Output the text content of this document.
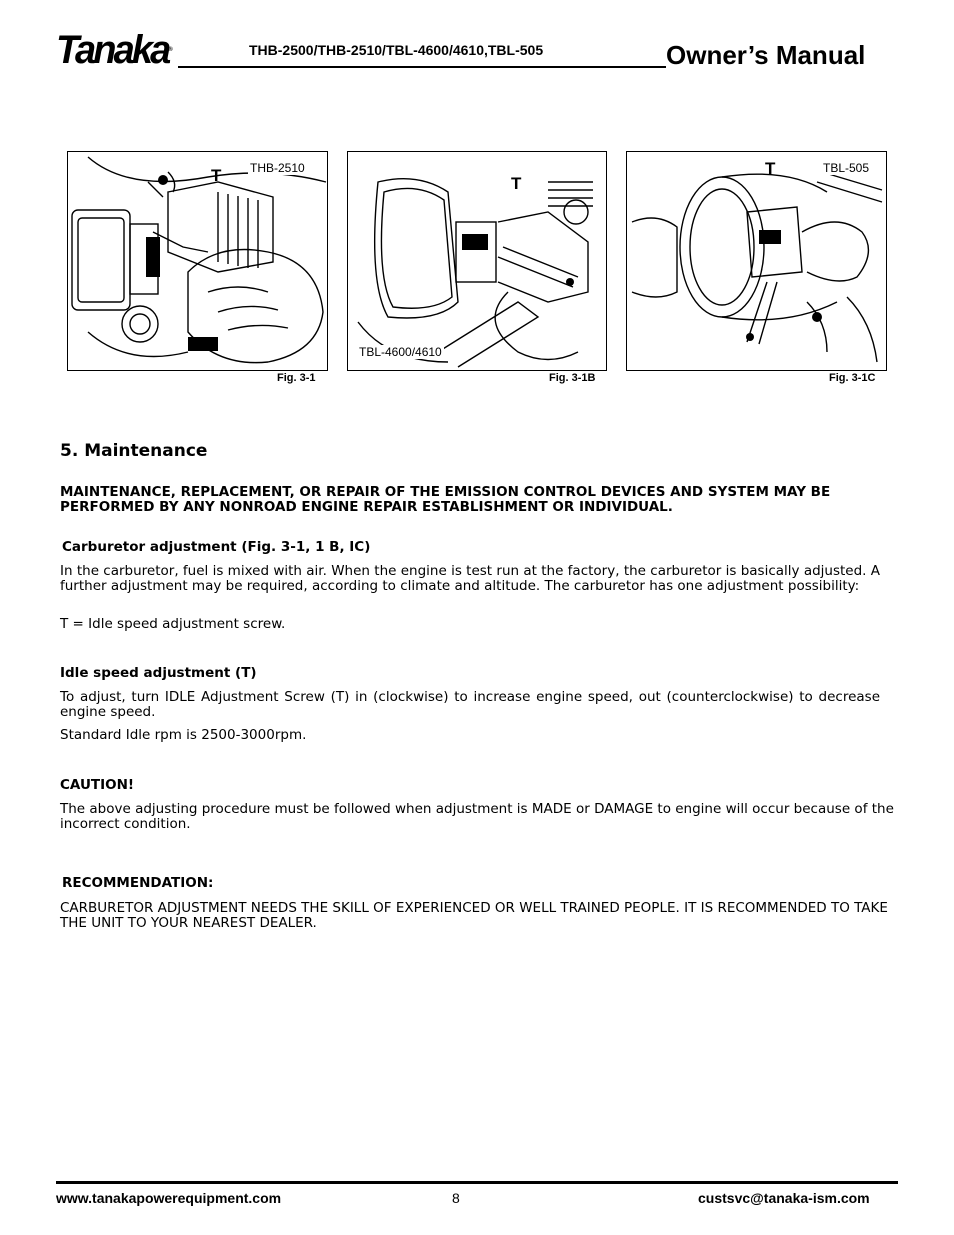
Tanaka®	THB-2500/THB-2510/TBL-4600/4610,TBL-505	Owner’s Manual
T THB-2510
Fig. 3-1
T
TBL-4600/4610
Fig. 3-1B
T	TBL-505
Fig. 3-1C
5. Maintenance
MAINTENANCE, REPLACEMENT, OR REPAIR OF THE EMISSION CONTROL DEVICES AND SYSTEM MAY BE PERFORMED BY ANY NONROAD ENGINE REPAIR ESTABLISHMENT OR INDIVIDUAL.
Carburetor adjustment (Fig. 3-1, 1 B, IC)
In the carburetor, fuel is mixed with air. When the engine is test run at the factory, the carburetor is basically adjusted. A further adjustment may be required, according to climate and altitude. The carburetor has one adjustment possibility:
T = Idle speed adjustment screw.
Idle speed adjustment (T)
To adjust, turn IDLE Adjustment Screw (T) in (clockwise) to increase engine speed, out (counterclockwise) to decrease engine speed.
Standard Idle rpm is 2500-3000rpm.
CAUTION!
The above adjusting procedure must be followed when adjustment is MADE or DAMAGE to engine will occur because of the incorrect condition.
RECOMMENDATION:
CARBURETOR ADJUSTMENT NEEDS THE SKILL OF EXPERIENCED OR WELL TRAINED PEOPLE. IT IS RECOMMENDED TO TAKE THE UNIT TO YOUR NEAREST DEALER.
www.tanakapowerequipment.com	8	custsvc@tanaka-ism.com
